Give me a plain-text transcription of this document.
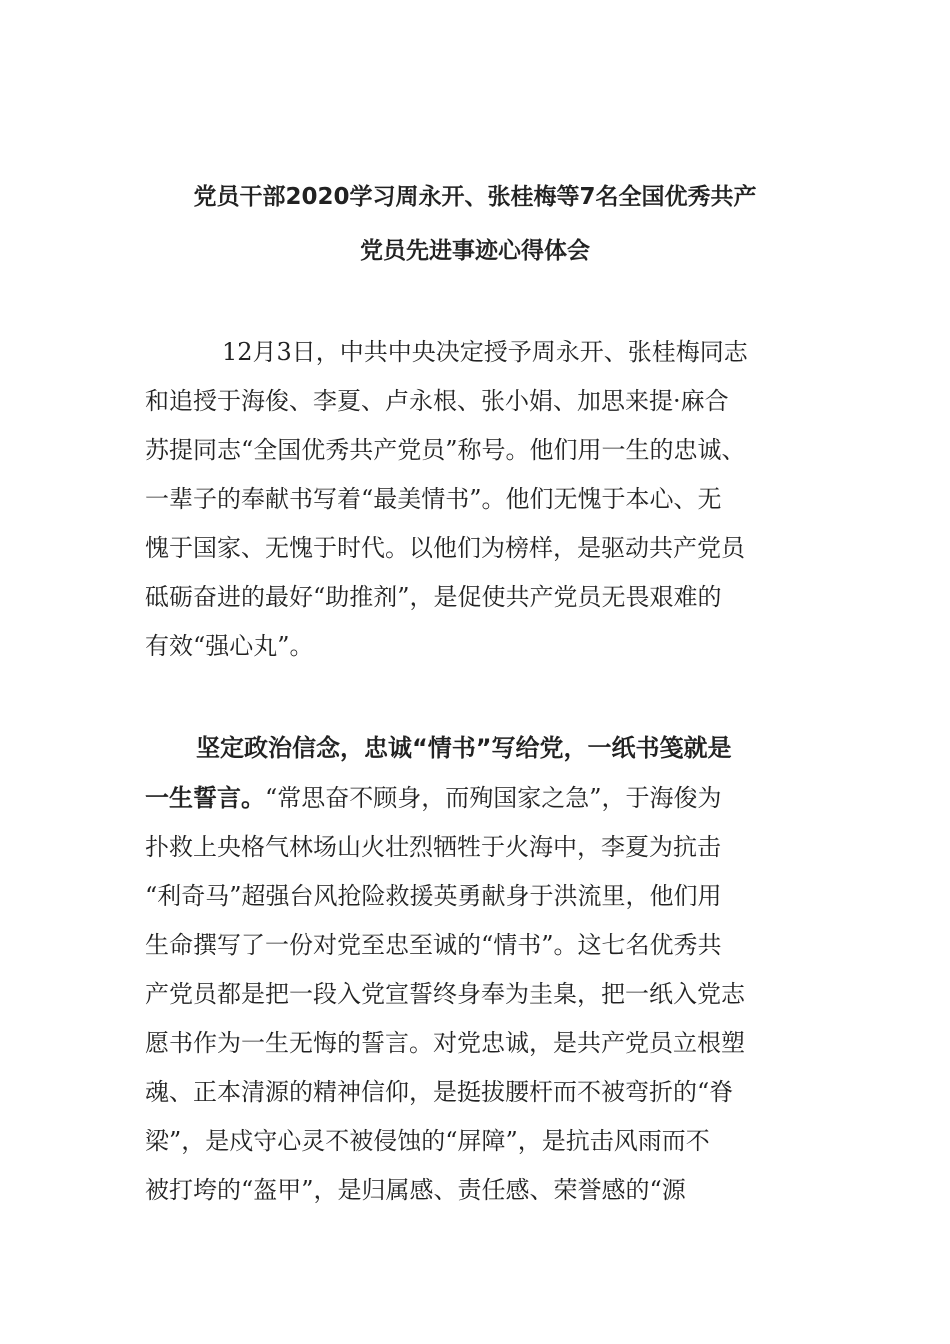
党员干部2020学习周永开、张桂梅等7名全国优秀共产
党员先进事迹心得体会
12月3日，中共中央决定授予周永开、张桂梅同志
和追授于海俊、李夏、卢永根、张小娟、加思来提·麻合
苏提同志“全国优秀共产党员”称号。他们用一生的忠诚、
一辈子的奉献书写着“最美情书”。他们无愧于本心、无
愧于国家、无愧于时代。以他们为榜样，是驱动共产党员
砥砺奋进的最好“助推剂”，是促使共产党员无畏艰难的
有效“强心丸”。
坚定政治信念，忠诚“情书”写给党，一纸书笺就是
一生誓言。“常思奋不顾身，而殉国家之急”，于海俊为
扑救上央格气林场山火壮烈牺牲于火海中，李夏为抗击
“利奇马”超强台风抢险救援英勇献身于洪流里，他们用
生命撰写了一份对党至忠至诚的“情书”。这七名优秀共
产党员都是把一段入党宣誓终身奉为圭臬，把一纸入党志
愿书作为一生无悔的誓言。对党忠诚，是共产党员立根塑
魂、正本清源的精神信仰，是挺拔腰杆而不被弯折的“脊
梁”，是戍守心灵不被侵蚀的“屏障”，是抗击风雨而不
被打垮的“盔甲”，是归属感、责任感、荣誉感的“源
